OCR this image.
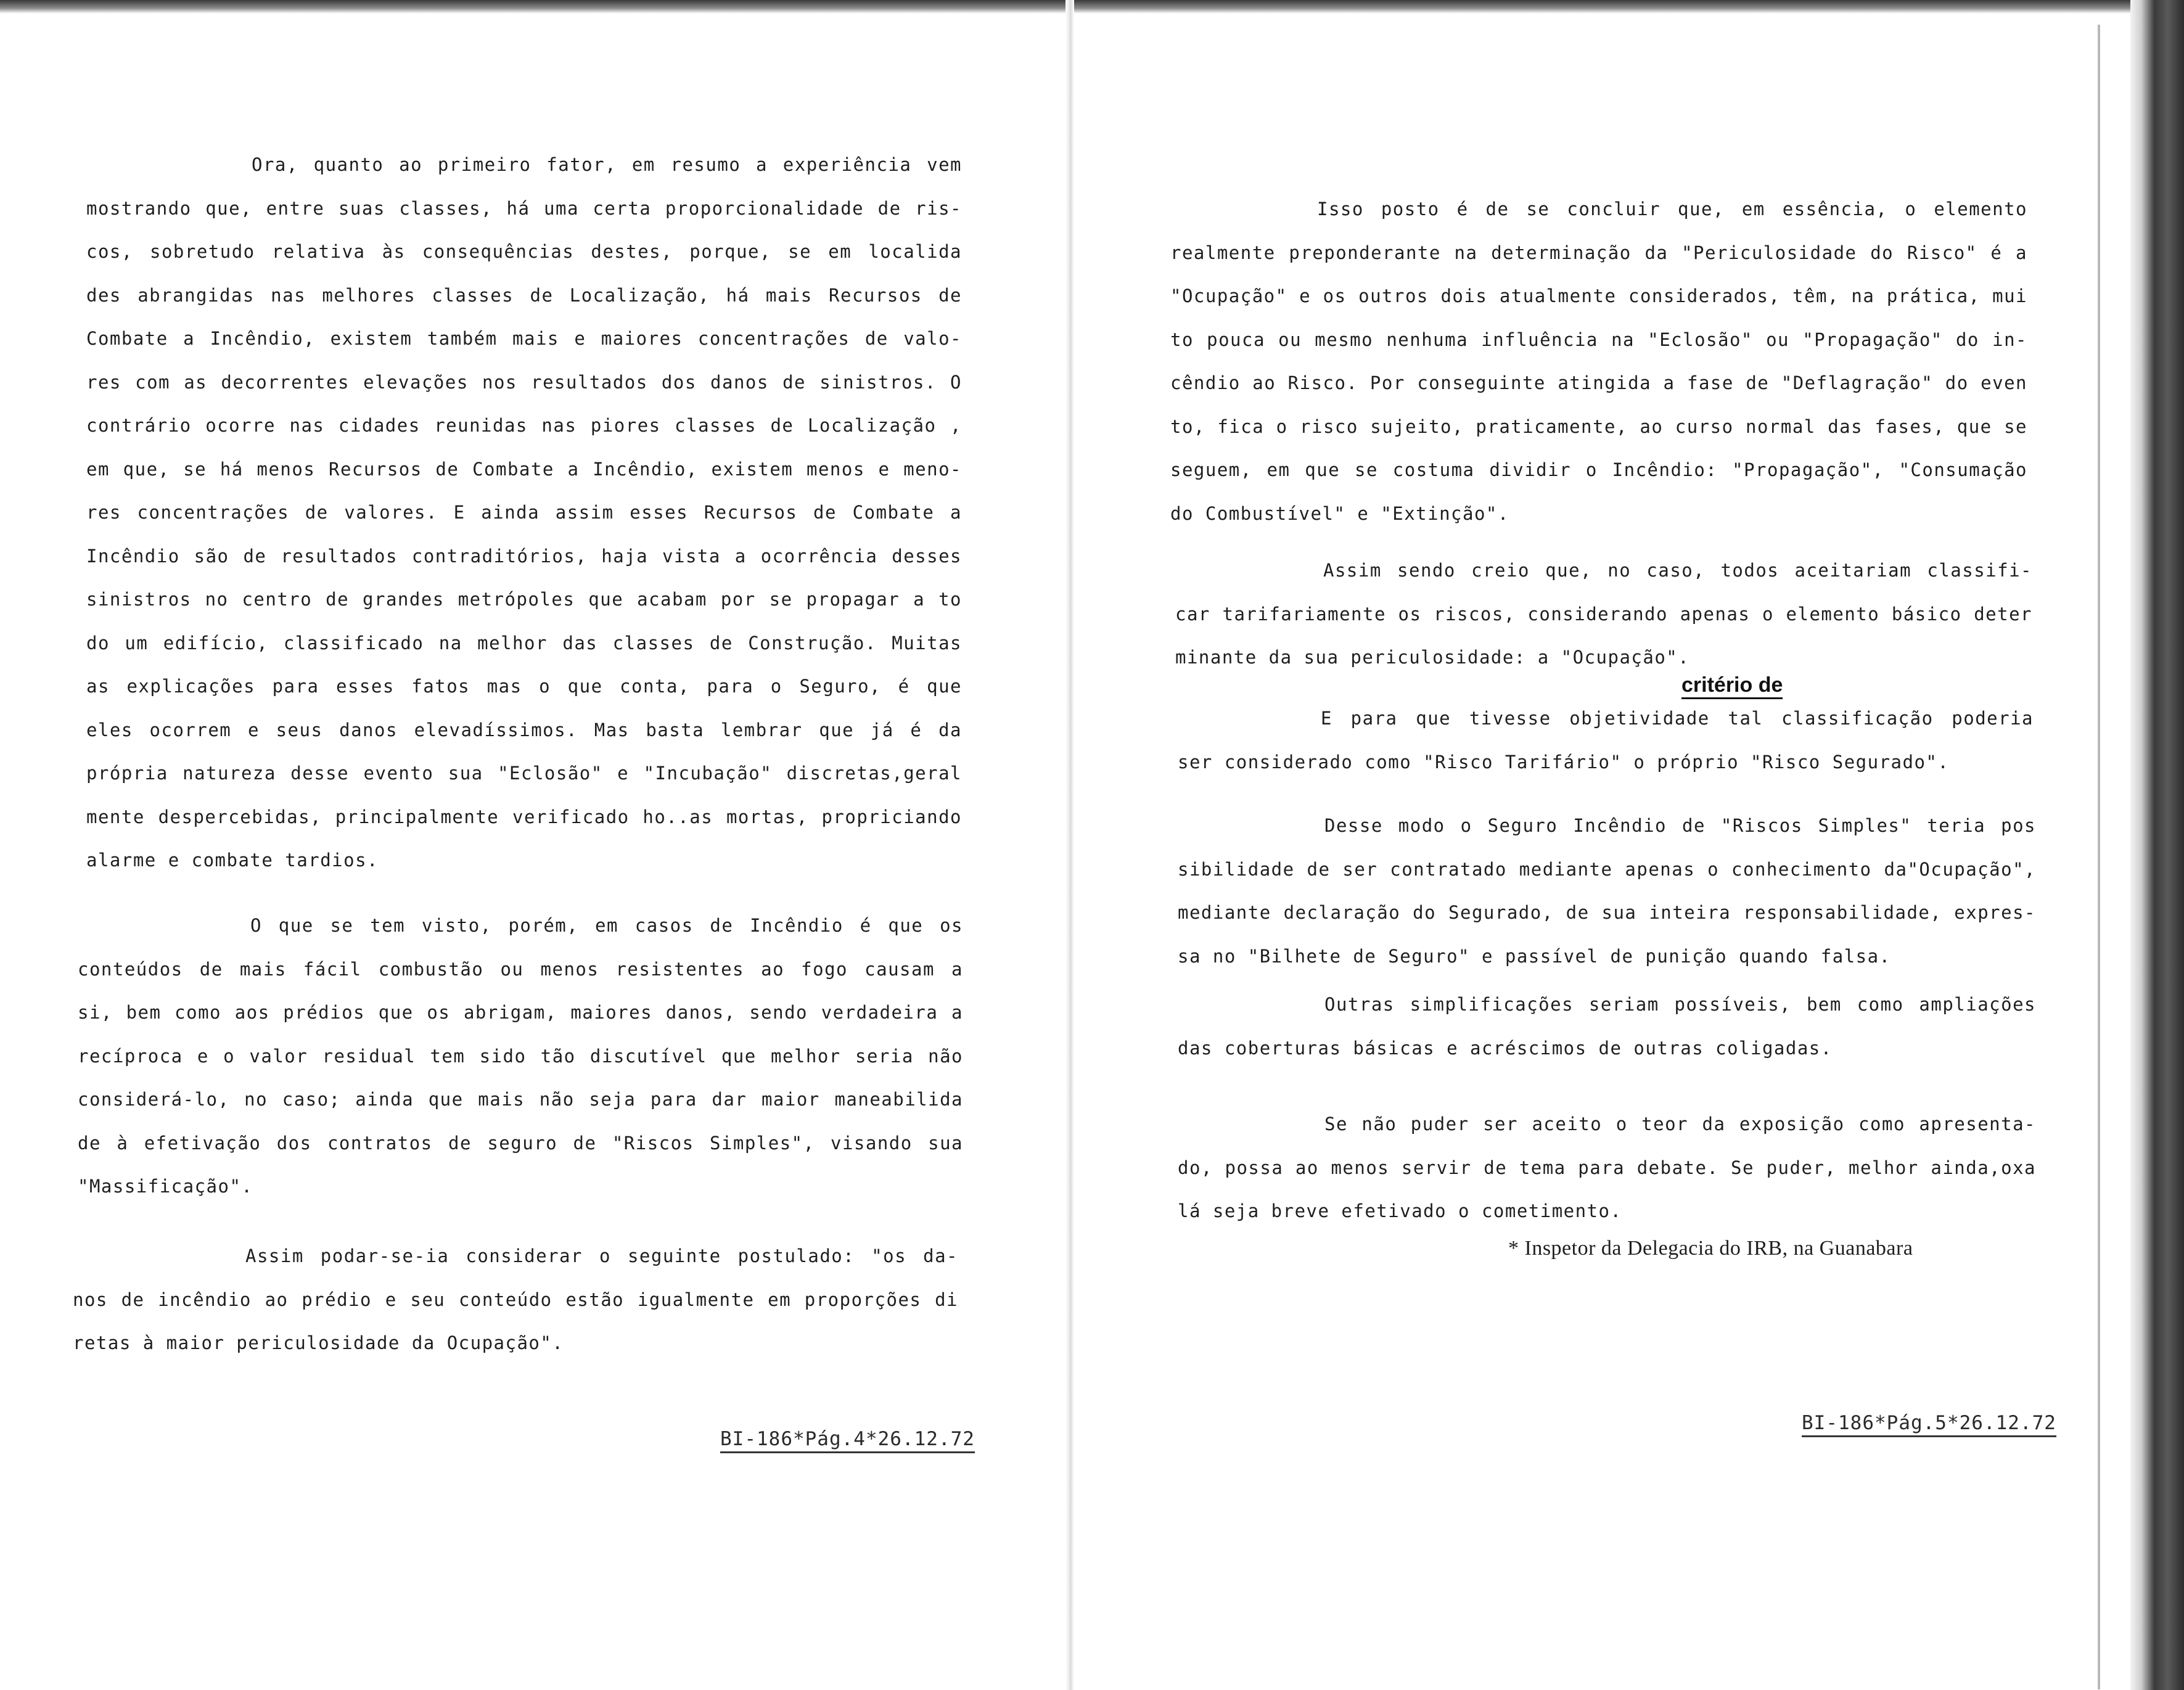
Ora, quanto ao primeiro fator, em resumo a experiência vem
mostrando que, entre suas classes, há uma certa proporcionalidade de ris-
cos, sobretudo relativa às consequências destes, porque, se em localida
des abrangidas nas melhores classes de Localização, há mais Recursos de
Combate a Incêndio, existem também mais e maiores concentrações de valo-
res com as decorrentes elevações nos resultados dos danos de sinistros. O
contrário ocorre nas cidades reunidas nas piores classes de Localização ,
em que, se há menos Recursos de Combate a Incêndio, existem menos e meno-
res concentrações de valores. E ainda assim esses Recursos de Combate a
Incêndio são de resultados contraditórios, haja vista a ocorrência desses
sinistros no centro de grandes metrópoles que acabam por se propagar a to
do um edifício, classificado na melhor das classes de Construção. Muitas
as explicações para esses fatos mas o que conta, para o Seguro, é que
eles ocorrem e seus danos elevadíssimos. Mas basta lembrar que já é da
própria natureza desse evento sua "Eclosão" e "Incubação" discretas,geral
mente despercebidas, principalmente verificado ho..as mortas, propriciando
alarme e combate tardios.
O que se tem visto, porém, em casos de Incêndio é que os
conteúdos de mais fácil combustão ou menos resistentes ao fogo causam a
si, bem como aos prédios que os abrigam, maiores danos, sendo verdadeira a
recíproca e o valor residual tem sido tão discutível que melhor seria não
considerá-lo, no caso; ainda que mais não seja para dar maior maneabilida
de à efetivação dos contratos de seguro de "Riscos Simples", visando sua
"Massificação".
Assim podar-se-ia considerar o seguinte postulado: "os da-
nos de incêndio ao prédio e seu conteúdo estão igualmente em proporções di
retas à maior periculosidade da Ocupação".
BI-186*Pág.4*26.12.72
Isso posto é de se concluir que, em essência, o elemento
realmente preponderante na determinação da "Periculosidade do Risco" é a
"Ocupação" e os outros dois atualmente considerados, têm, na prática, mui
to pouca ou mesmo nenhuma influência na "Eclosão" ou "Propagação" do in-
cêndio ao Risco. Por conseguinte atingida a fase de "Deflagração" do even
to, fica o risco sujeito, praticamente, ao curso normal das fases, que se
seguem, em que se costuma dividir o Incêndio: "Propagação", "Consumação
do Combustível" e "Extinção".
Assim sendo creio que, no caso, todos aceitariam classifi-
car tarifariamente os riscos, considerando apenas o elemento básico deter
minante da sua periculosidade: a "Ocupação".
critério de
E para que tivesse objetividade tal classificação poderia
ser considerado como "Risco Tarifário" o próprio "Risco Segurado".
Desse modo o Seguro Incêndio de "Riscos Simples" teria pos
sibilidade de ser contratado mediante apenas o conhecimento da"Ocupação",
mediante declaração do Segurado, de sua inteira responsabilidade, expres-
sa no "Bilhete de Seguro" e passível de punição quando falsa.
Outras simplificações seriam possíveis, bem como ampliações
das coberturas básicas e acréscimos de outras coligadas.
Se não puder ser aceito o teor da exposição como apresenta-
do, possa ao menos servir de tema para debate. Se puder, melhor ainda,oxa
lá seja breve efetivado o cometimento.
* Inspetor da Delegacia do IRB, na Guanabara
BI-186*Pág.5*26.12.72
